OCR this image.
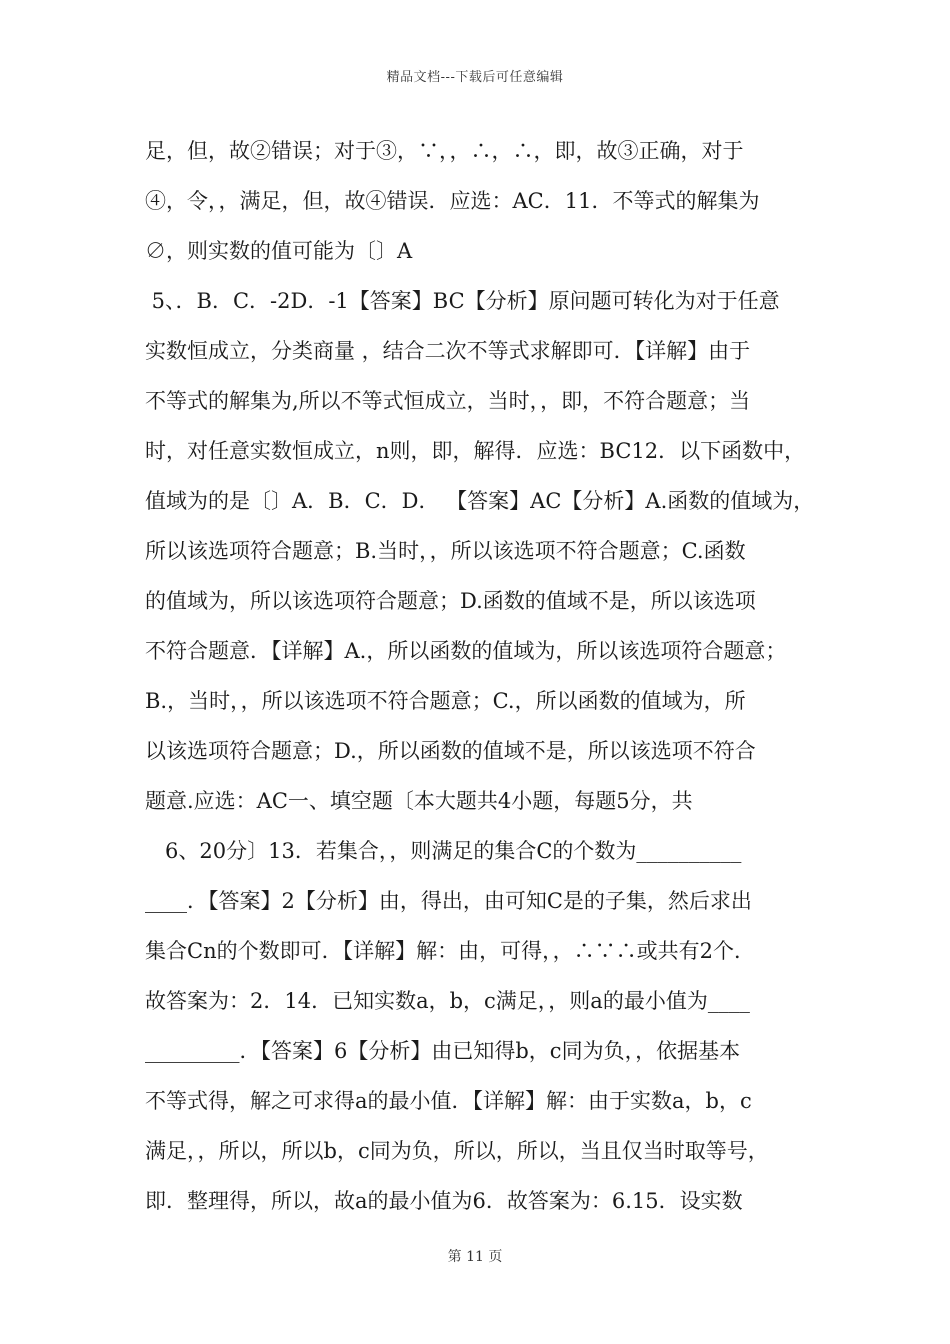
精品文档---下载后可任意编辑
足，但，故②错误；对于③，∵，，∴，∴，即，故③正确，对于
④，令，，满足，但，故④错误．应选：AC．11．不等式的解集为
∅，则实数的值可能为〔〕A
5、．B．C．-2D．-1【答案】BC【分析】原问题可转化为对于任意
实数恒成立，分类商量 ，结合二次不等式求解即可．【详解】由于
不等式的解集为,所以不等式恒成立，当时，，即，不符合题意；当
时，对任意实数恒成立，n则，即，解得．应选：BC12．以下函数中，
值域为的是〔〕A．B．C．D． 【答案】AC【分析】A.函数的值域为，
所以该选项符合题意；B.当时，，所以该选项不符合题意；C.函数
的值域为，所以该选项符合题意；D.函数的值域不是，所以该选项
不符合题意．【详解】A.，所以函数的值域为，所以该选项符合题意；
B.，当时，，所以该选项不符合题意；C.，所以函数的值域为，所
以该选项符合题意；D.，所以函数的值域不是，所以该选项不符合
题意.应选：AC一、填空题〔本大题共4小题，每题5分，共
6、20分〕13．若集合，，则满足的集合C的个数为__________
____．【答案】2【分析】由，得出，由可知C是的子集，然后求出
集合Cn的个数即可．【详解】解：由，可得，，∴∵∴或共有2个．
故答案为：2．14．已知实数a，b，c满足，，则a的最小值为____
_________．【答案】6【分析】由已知得b，c同为负，，依据基本
不等式得，解之可求得a的最小值．【详解】解：由于实数a，b，c
满足，，所以，所以b，c同为负，所以，所以，当且仅当时取等号，
即．整理得，所以，故a的最小值为6．故答案为：6.15．设实数
第 11 页
